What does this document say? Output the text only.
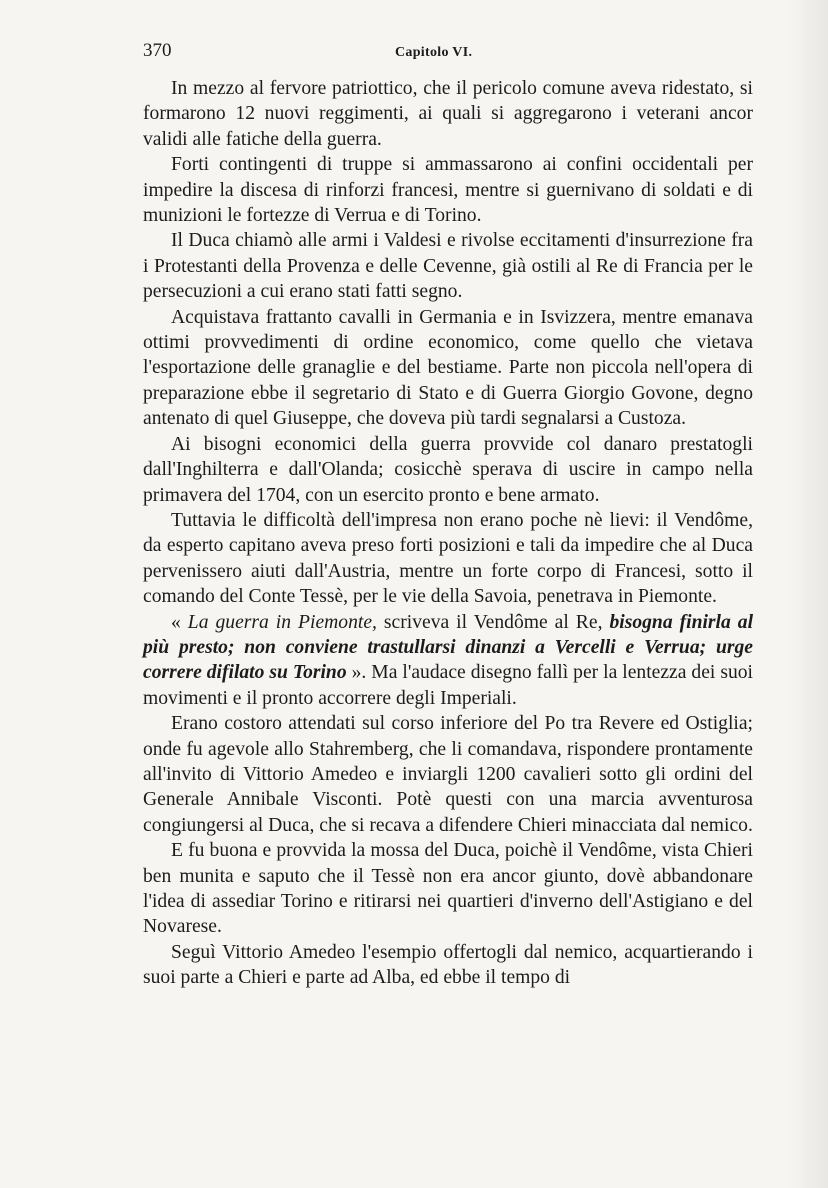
370	Capitolo VI.

In mezzo al fervore patriottico, che il pericolo comune aveva ridestato, si formarono 12 nuovi reggimenti, ai quali si aggregarono i veterani ancor validi alle fatiche della guerra.

Forti contingenti di truppe si ammassarono ai confini occidentali per impedire la discesa di rinforzi francesi, mentre si guernivano di soldati e di munizioni le fortezze di Verrua e di Torino.

Il Duca chiamò alle armi i Valdesi e rivolse eccitamenti d'insurrezione fra i Protestanti della Provenza e delle Cevenne, già ostili al Re di Francia per le persecuzioni a cui erano stati fatti segno.

Acquistava frattanto cavalli in Germania e in Isvizzera, mentre emanava ottimi provvedimenti di ordine economico, come quello che vietava l'esportazione delle granaglie e del bestiame. Parte non piccola nell'opera di preparazione ebbe il segretario di Stato e di Guerra Giorgio Govone, degno antenato di quel Giuseppe, che doveva più tardi segnalarsi a Custoza.

Ai bisogni economici della guerra provvide col danaro prestatogli dall'Inghilterra e dall'Olanda; cosicchè sperava di uscire in campo nella primavera del 1704, con un esercito pronto e bene armato.

Tuttavia le difficoltà dell'impresa non erano poche nè lievi: il Vendôme, da esperto capitano aveva preso forti posizioni e tali da impedire che al Duca pervenissero aiuti dall'Austria, mentre un forte corpo di Francesi, sotto il comando del Conte Tessè, per le vie della Savoia, penetrava in Piemonte.

« La guerra in Piemonte, scriveva il Vendôme al Re, bisogna finirla al più presto; non conviene trastullarsi dinanzi a Vercelli e Verrua; urge correre difilato su Torino ». Ma l'audace disegno fallì per la lentezza dei suoi movimenti e il pronto accorrere degli Imperiali.

Erano costoro attendati sul corso inferiore del Po tra Revere ed Ostiglia; onde fu agevole allo Stahremberg, che li comandava, rispondere prontamente all'invito di Vittorio Amedeo e inviargli 1200 cavalieri sotto gli ordini del Generale Annibale Visconti. Potè questi con una marcia avventurosa congiungersi al Duca, che si recava a difendere Chieri minacciata dal nemico.

E fu buona e provvida la mossa del Duca, poichè il Vendôme, vista Chieri ben munita e saputo che il Tessè non era ancor giunto, dovè abbandonare l'idea di assediar Torino e ritirarsi nei quartieri d'inverno dell'Astigiano e del Novarese.

Seguì Vittorio Amedeo l'esempio offertogli dal nemico, acquartierando i suoi parte a Chieri e parte ad Alba, ed ebbe il tempo di
